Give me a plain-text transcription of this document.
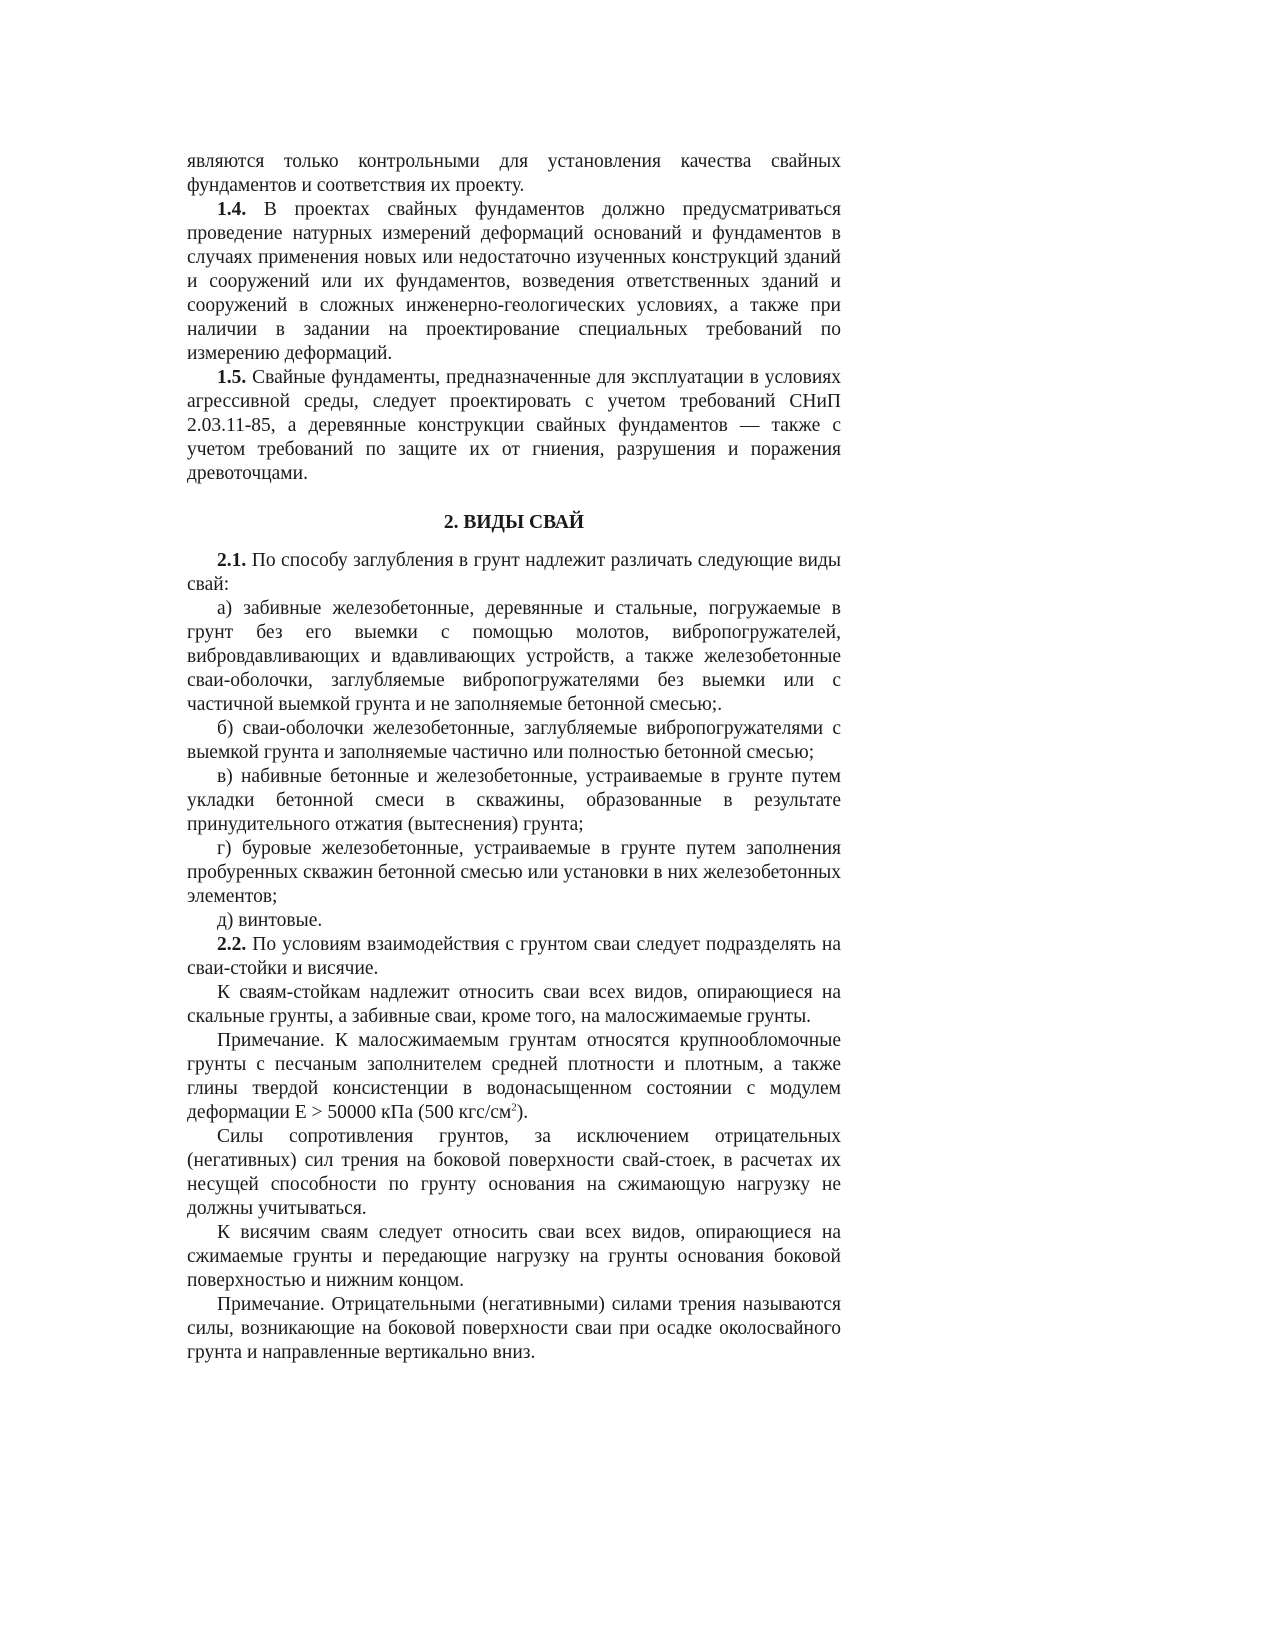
являются только контрольными для установления качества свайных фундаментов и соответствия их проекту.

1.4. В проектах свайных фундаментов должно предусматриваться проведение натурных измерений деформаций оснований и фундаментов в случаях применения новых или недостаточно изученных конструкций зданий и сооружений или их фундаментов, возведения ответственных зданий и сооружений в сложных инженерно-геологических условиях, а также при наличии в задании на проектирование специальных требований по измерению деформаций.

1.5. Свайные фундаменты, предназначенные для эксплуатации в условиях агрессивной среды, следует проектировать с учетом требований СНиП 2.03.11-85, а деревянные конструкции свайных фундаментов — также с учетом требований по защите их от гниения, разрушения и поражения древоточцами.

2. ВИДЫ СВАЙ

2.1. По способу заглубления в грунт надлежит различать следующие виды свай:

а) забивные железобетонные, деревянные и стальные, погружаемые в грунт без его выемки с помощью молотов, вибропогружателей, вибровдавливающих и вдавливающих устройств, а также железобетонные сваи-оболочки, заглубляемые вибропогружателями без выемки или с частичной выемкой грунта и не заполняемые бетонной смесью;.

б) сваи-оболочки железобетонные, заглубляемые вибропогружателями с выемкой грунта и заполняемые частично или полностью бетонной смесью;

в) набивные бетонные и железобетонные, устраиваемые в грунте путем укладки бетонной смеси в скважины, образованные в результате принудительного отжатия (вытеснения) грунта;

г) буровые железобетонные, устраиваемые в грунте путем заполнения пробуренных скважин бетонной смесью или установки в них железобетонных элементов;

д) винтовые.

2.2. По условиям взаимодействия с грунтом сваи следует подразделять на сваи-стойки и висячие.

К сваям-стойкам надлежит относить сваи всех видов, опирающиеся на скальные грунты, а забивные сваи, кроме того, на малосжимаемые грунты.

Примечание. К малосжимаемым грунтам относятся крупнообломочные грунты с песчаным заполнителем средней плотности и плотным, а также глины твердой консистенции в водонасыщенном состоянии с модулем деформации E > 50000 кПа (500 кгс/$см^2$).

Силы сопротивления грунтов, за исключением отрицательных (негативных) сил трения на боковой поверхности свай-стоек, в расчетах их несущей способности по грунту основания на сжимающую нагрузку не должны учитываться.

К висячим сваям следует относить сваи всех видов, опирающиеся на сжимаемые грунты и передающие нагрузку на грунты основания боковой поверхностью и нижним концом.

Примечание. Отрицательными (негативными) силами трения называются силы, возникающие на боковой поверхности сваи при осадке околосвайного грунта и направленные вертикально вниз.
